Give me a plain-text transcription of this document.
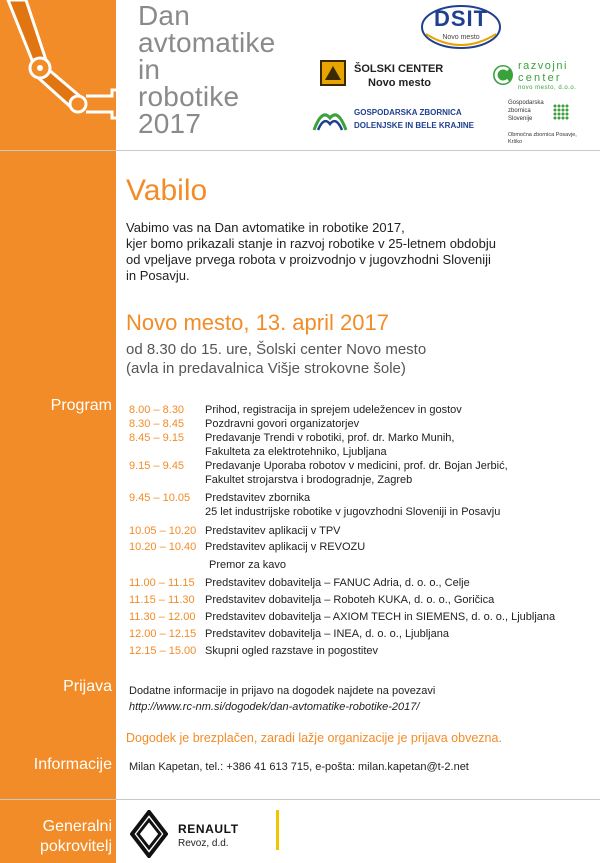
Dan
avtomatike
in
robotike
2017
DSIT
Novo mesto
ŠOLSKI CENTER
Novo mesto
razvojni
center
novo mesto, d.o.o.
GOSPODARSKA ZBORNICA
DOLENJSKE IN BELE KRAJINE
Gospodarska
zbornica
Slovenije
Območna zbornica Posavje,
Krško
Vabilo
Vabimo vas na Dan avtomatike in robotike 2017,
kjer bomo prikazali stanje in razvoj robotike v 25-letnem obdobju
od vpeljave prvega robota v proizvodnjo v jugovzhodni Sloveniji
in Posavju.
Novo mesto, 13. april 2017
od 8.30 do 15. ure, Šolski center Novo mesto
(avla in predavalnica Višje strokovne šole)
Program
Prijava
Informacije
Generalni
pokrovitelj
8.00 – 8.30 Prihod, registracija in sprejem udeležencev in gostov
8.30 – 8.45 Pozdravni govori organizatorjev
8.45 – 9.15 Predavanje Trendi v robotiki, prof. dr. Marko Munih,
Fakulteta za elektrotehniko, Ljubljana
9.15 – 9.45 Predavanje Uporaba robotov v medicini, prof. dr. Bojan Jerbić,
Fakultet strojarstva i brodogradnje, Zagreb
9.45 – 10.05 Predstavitev zbornika
25 let industrijske robotike v jugovzhodni Sloveniji in Posavju
10.05 – 10.20 Predstavitev aplikacij v TPV
10.20 – 10.40 Predstavitev aplikacij v REVOZU
Premor za kavo
11.00 – 11.15 Predstavitev dobavitelja – FANUC Adria, d. o. o., Celje
11.15 – 11.30 Predstavitev dobavitelja – Roboteh KUKA, d. o. o., Goričica
11.30 – 12.00 Predstavitev dobavitelja – AXIOM TECH in SIEMENS, d. o. o., Ljubljana
12.00 – 12.15 Predstavitev dobavitelja – INEA, d. o. o., Ljubljana
12.15 – 15.00 Skupni ogled razstave in pogostitev
Dodatne informacije in prijavo na dogodek najdete na povezavi
http://www.rc-nm.si/dogodek/dan-avtomatike-robotike-2017/
Dogodek je brezplačen, zaradi lažje organizacije je prijava obvezna.
Milan Kapetan, tel.: +386 41 613 715, e-pošta: milan.kapetan@t-2.net
RENAULT
Revoz, d.d.
